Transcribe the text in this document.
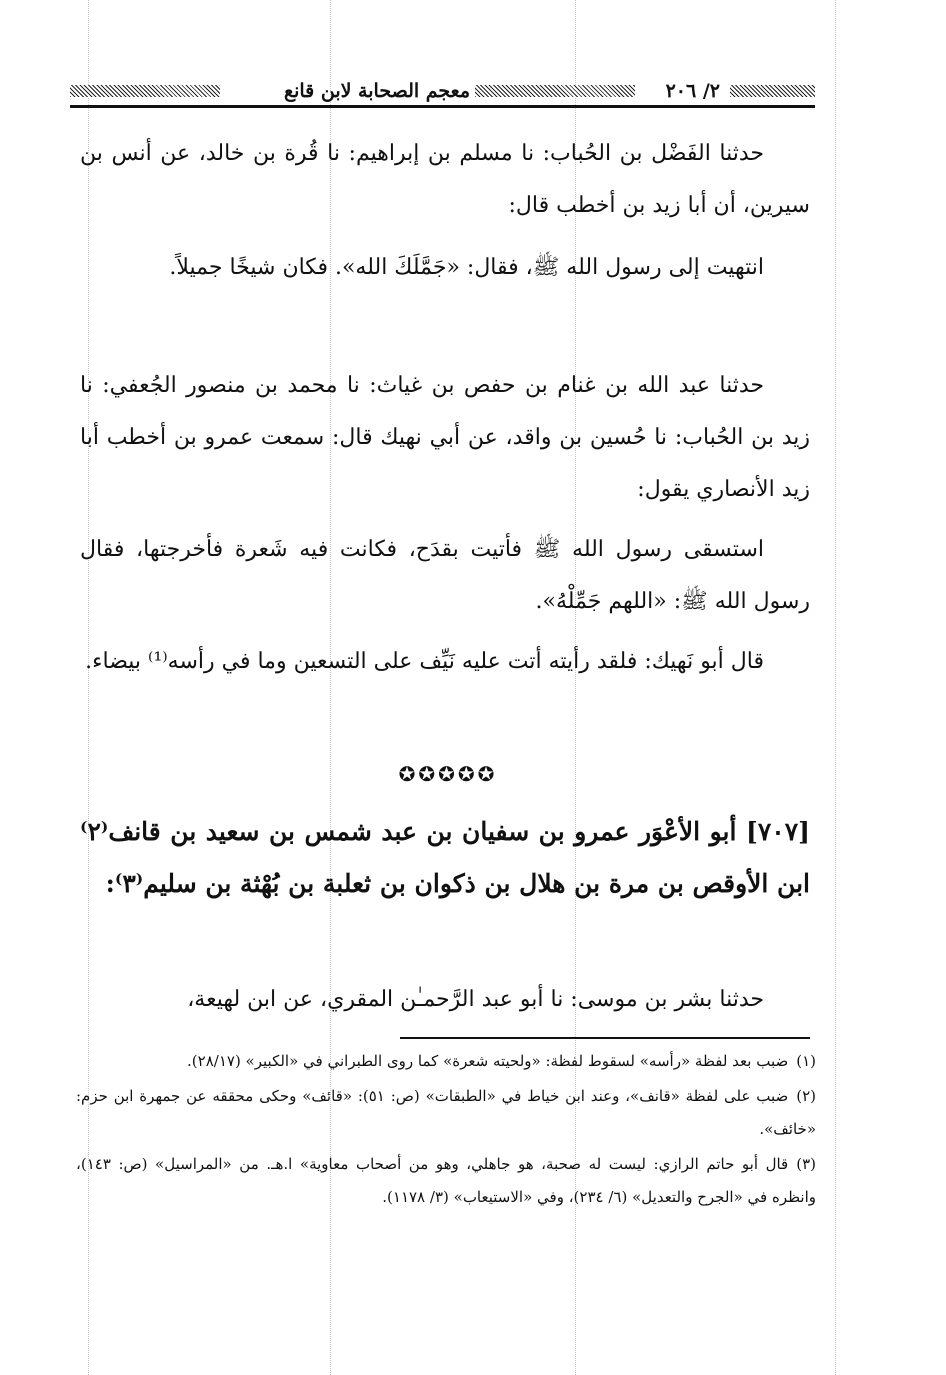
٢/ ٢٠٦
معجم الصحابة لابن قانع

حدثنا الفَضْل بن الحُباب: نا مسلم بن إبراهيم: نا قُرة بن خالد، عن أنس بن سيرين، أن أبا زيد بن أخطب قال:

انتهيت إلى رسول الله ﷺ، فقال: «جَمَّلَكَ الله». فكان شيخًا جميلاً.

حدثنا عبد الله بن غنام بن حفص بن غياث: نا محمد بن منصور الجُعفي: نا زيد بن الحُباب: نا حُسين بن واقد، عن أبي نهيك قال: سمعت عمرو بن أخطب أبا زيد الأنصاري يقول:

استسقى رسول الله ﷺ فأتيت بقدَح، فكانت فيه شَعرة فأخرجتها، فقال رسول الله ﷺ: «اللهم جَمِّلْهُ».

قال أبو نَهيك: فلقد رأيته أتت عليه نَيِّف على التسعين وما في رأسه⁽¹⁾ بيضاء.

✪✪✪✪✪
[٧٠٧] أبو الأعْوَر عمرو بن سفيان بن عبد شمس بن سعيد بن قانف⁽٢⁾ ابن الأوقص بن مرة بن هلال بن ذكوان بن ثعلبة بن بُهْثة بن سليم⁽٣⁾:

حدثنا بشر بن موسى: نا أبو عبد الرَّحمـٰن المقري، عن ابن لهيعة،

(١)ضبب بعد لفظة «رأسه» لسقوط لفظة: «ولحيته شعرة» كما روى الطبراني في «الكبير» (٢٨/١٧).

(٢)ضبب على لفظة «قانف»، وعند ابن خياط في «الطبقات» (ص: ٥١): «قائف» وحكى محققه عن جمهرة ابن حزم: «خائف».

(٣)قال أبو حاتم الرازي: ليست له صحبة، هو جاهلي، وهو من أصحاب معاوية» ا.هـ. من «المراسيل» (ص: ١٤٣)، وانظره في «الجرح والتعديل» (٦/ ٢٣٤)، وفي «الاستيعاب» (٣/ ١١٧٨).
